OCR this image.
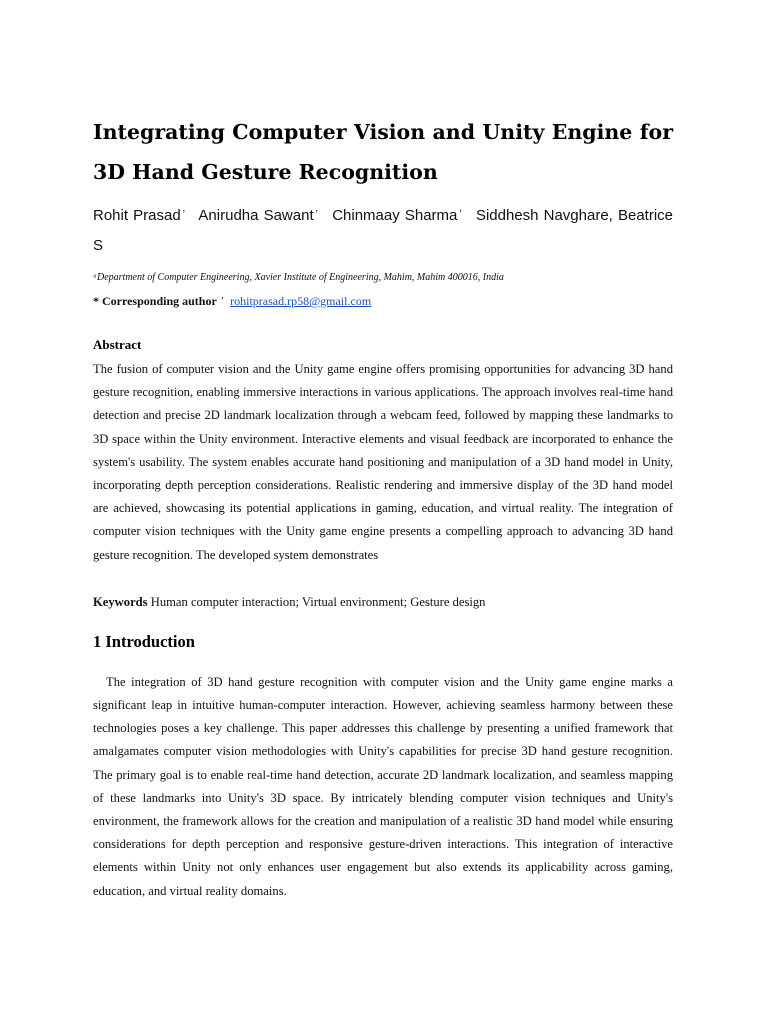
Integrating Computer Vision and Unity Engine for 3D Hand Gesture Recognition
Rohit Prasad ʼ Anirudha Sawant ʼ Chinmaay Sharma ʼ Siddhesh Navghare, Beatrice S
ᵃDepartment of Computer Engineering, Xavier Institute of Engineering, Mahim, Mahim 400016, India
* Corresponding author ʼ rohitprasad.rp58@gmail.com
Abstract

The fusion of computer vision and the Unity game engine offers promising opportunities for advancing 3D hand gesture recognition, enabling immersive interactions in various applications. The approach involves real-time hand detection and precise 2D landmark localization through a webcam feed, followed by mapping these landmarks to 3D space within the Unity environment. Interactive elements and visual feedback are incorporated to enhance the system's usability. The system enables accurate hand positioning and manipulation of a 3D hand model in Unity, incorporating depth perception considerations. Realistic rendering and immersive display of the 3D hand model are achieved, showcasing its potential applications in gaming, education, and virtual reality. The integration of computer vision techniques with the Unity game engine presents a compelling approach to advancing 3D hand gesture recognition. The developed system demonstrates

Keywords Human computer interaction; Virtual environment; Gesture design
1 Introduction

The integration of 3D hand gesture recognition with computer vision and the Unity game engine marks a significant leap in intuitive human-computer interaction. However, achieving seamless harmony between these technologies poses a key challenge. This paper addresses this challenge by presenting a unified framework that amalgamates computer vision methodologies with Unity's capabilities for precise 3D hand gesture recognition. The primary goal is to enable real-time hand detection, accurate 2D landmark localization, and seamless mapping of these landmarks into Unity's 3D space. By intricately blending computer vision techniques and Unity's environment, the framework allows for the creation and manipulation of a realistic 3D hand model while ensuring considerations for depth perception and responsive gesture-driven interactions. This integration of interactive elements within Unity not only enhances user engagement but also extends its applicability across gaming, education, and virtual reality domains.
